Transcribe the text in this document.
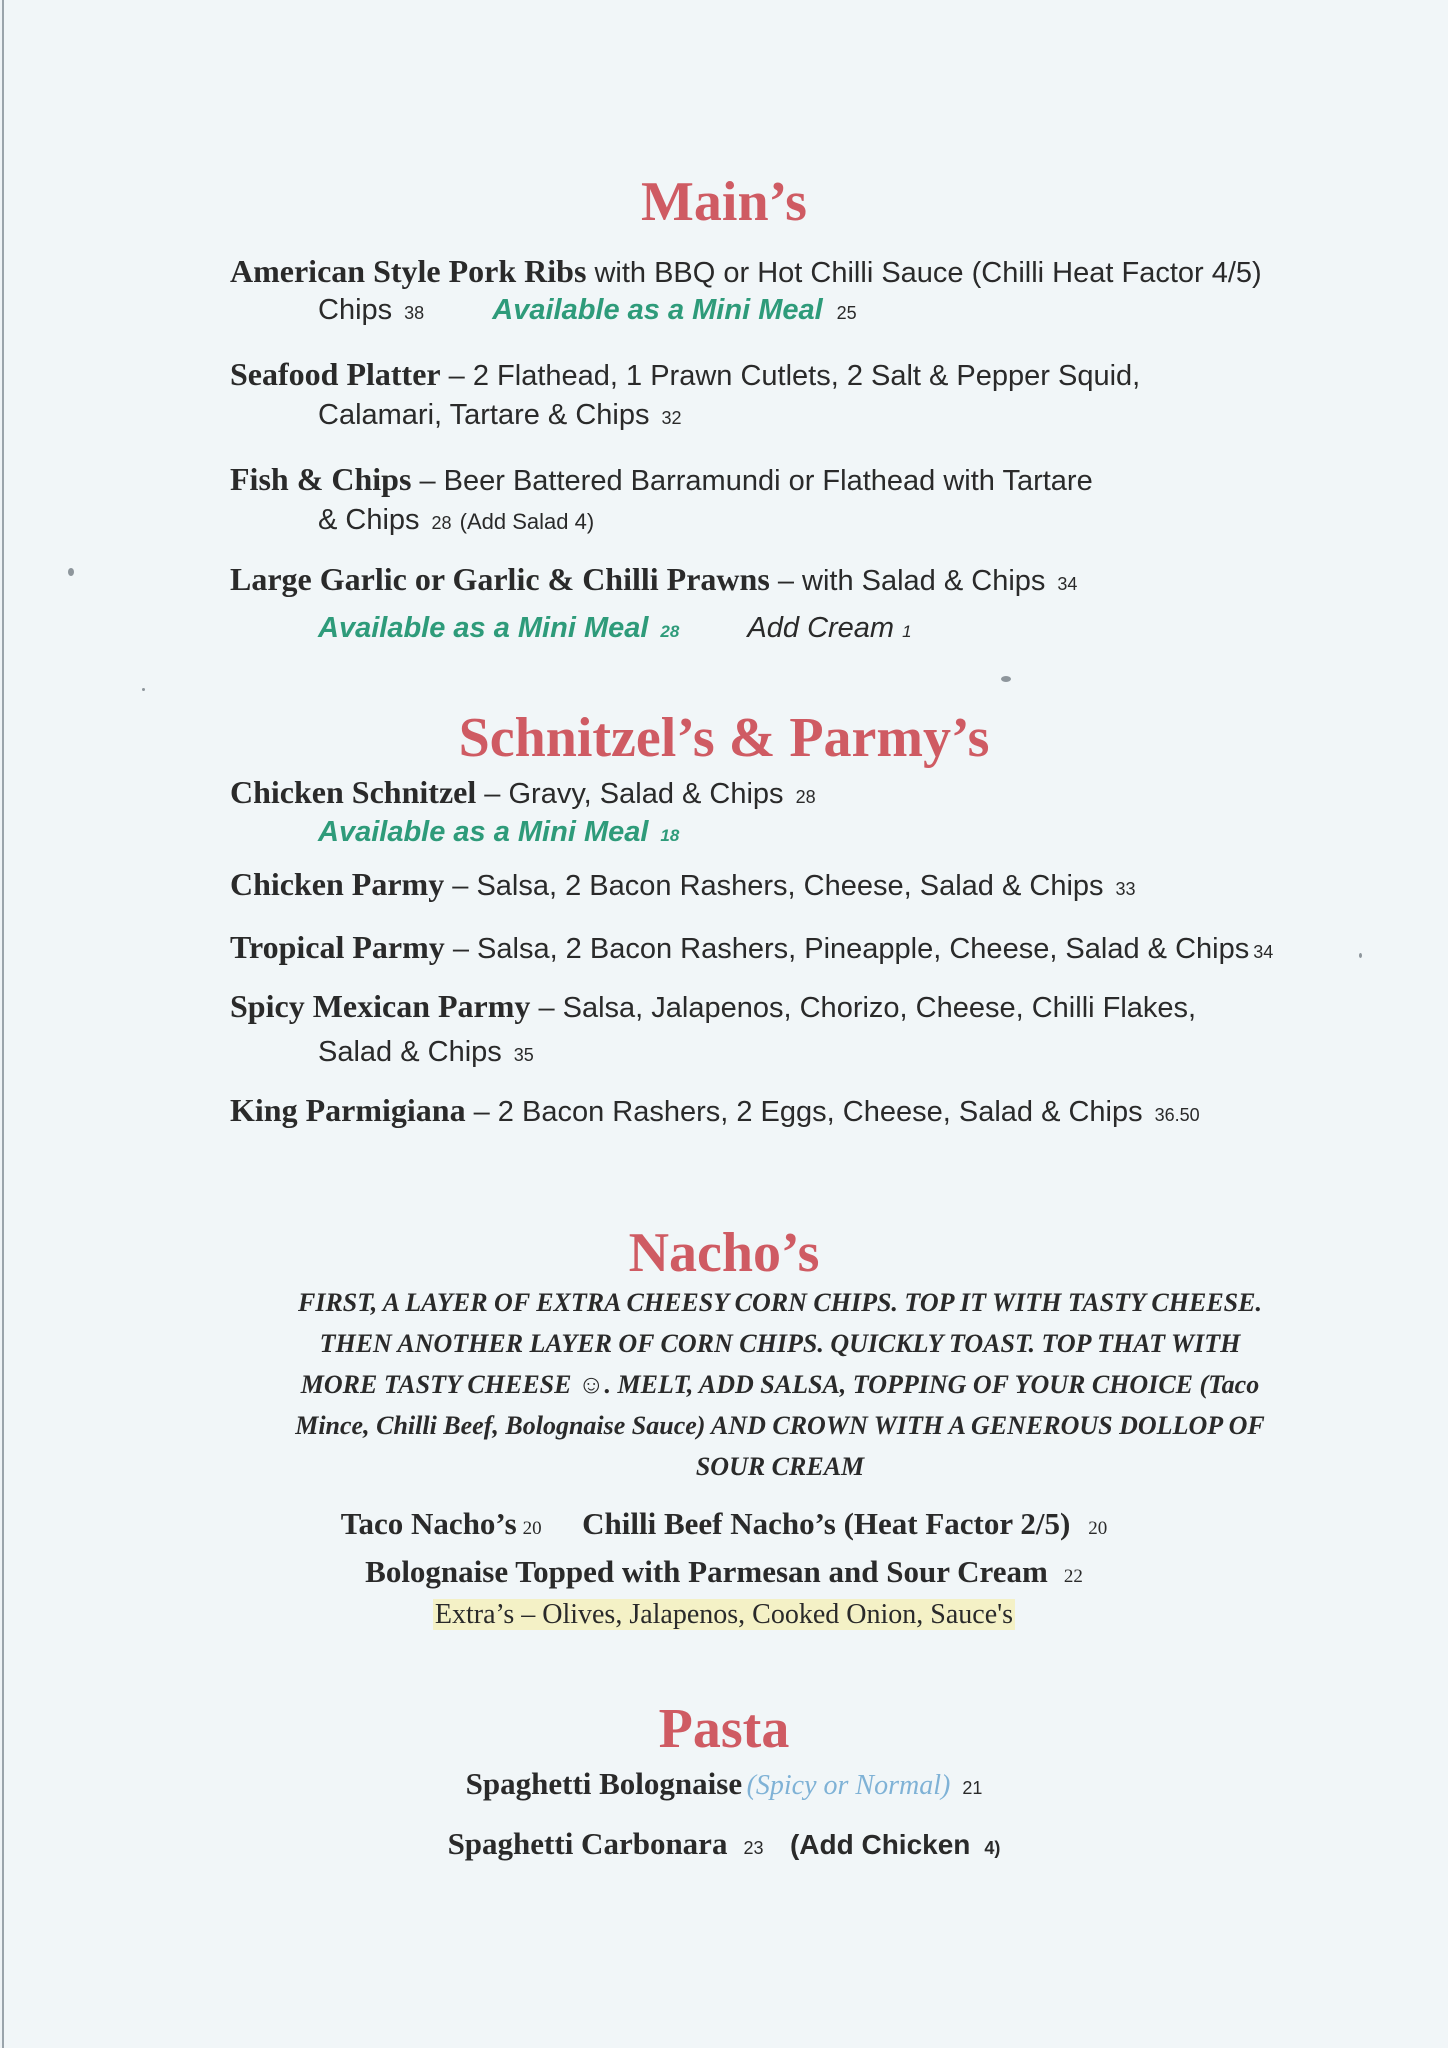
Main’s
American Style Pork Ribs with BBQ or Hot Chilli Sauce (Chilli Heat Factor 4/5)
Chips 38 Available as a Mini Meal 25
Seafood Platter – 2 Flathead, 1 Prawn Cutlets, 2 Salt & Pepper Squid,
Calamari, Tartare & Chips 32
Fish & Chips – Beer Battered Barramundi or Flathead with Tartare
& Chips 28 (Add Salad 4)
Large Garlic or Garlic & Chilli Prawns – with Salad & Chips 34
Available as a Mini Meal 28 Add Cream 1
Schnitzel’s & Parmy’s
Chicken Schnitzel – Gravy, Salad & Chips 28
Available as a Mini Meal 18
Chicken Parmy – Salsa, 2 Bacon Rashers, Cheese, Salad & Chips 33
Tropical Parmy – Salsa, 2 Bacon Rashers, Pineapple, Cheese, Salad & Chips 34
Spicy Mexican Parmy – Salsa, Jalapenos, Chorizo, Cheese, Chilli Flakes,
Salad & Chips 35
King Parmigiana – 2 Bacon Rashers, 2 Eggs, Cheese, Salad & Chips 36.50
Nacho’s
FIRST, A LAYER OF EXTRA CHEESY CORN CHIPS. TOP IT WITH TASTY CHEESE.
THEN ANOTHER LAYER OF CORN CHIPS. QUICKLY TOAST. TOP THAT WITH
MORE TASTY CHEESE ☺. MELT, ADD SALSA, TOPPING OF YOUR CHOICE (Taco
Mince, Chilli Beef, Bolognaise Sauce) AND CROWN WITH A GENEROUS DOLLOP OF
SOUR CREAM
Taco Nacho’s 20 Chilli Beef Nacho’s (Heat Factor 2/5) 20
Bolognaise Topped with Parmesan and Sour Cream 22
Extra’s – Olives, Jalapenos, Cooked Onion, Sauce's
Pasta
Spaghetti Bolognaise (Spicy or Normal) 21
Spaghetti Carbonara 23 (Add Chicken 4)
